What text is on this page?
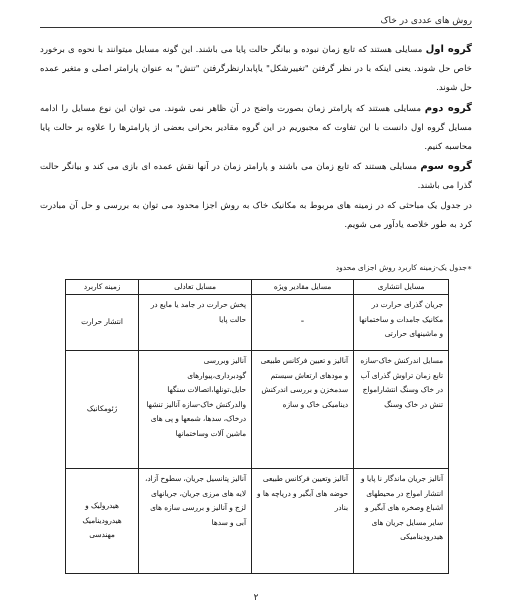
روش های عددی در خاک

گروه اول مسایلی هستند که تابع زمان نبوده و بیانگر حالت پایا می باشند. این گونه مسایل میتوانند با نحوه ی برخورد خاص حل شوند. یعنی اینکه با در نظر گرفتن "تغییرشکل" یاپابدارنظرگرفتن "تنش" به عنوان پارامتر اصلی و متغیر عمده حل شوند.

گروه دوم مسایلی هستند که پارامتر زمان بصورت واضح در آن ظاهر نمی شوند. می توان این نوع مسایل را ادامه مسایل گروه اول دانست با این تفاوت که مجبوریم در این گروه مقادیر بحرانی بعضی از پارامترها را علاوه بر حالت پایا محاسبه کنیم.

گروه سوم مسایلی هستند که تابع زمان می باشند و پارامتر زمان در آنها نقش عمده ای بازی می کند و بیانگر حالت گذرا می باشند.

در جدول یک مباحثی که در زمینه های مربوط به مکانیک خاک به روش اجزا محدود می توان به بررسی و حل آن مبادرت کرد به طور خلاصه یادآور می شویم.

∗جدول یک-زمینه کاربرد روش اجزای محدود
مسایل انتشاری	مسایل مقادیر ویژه	مسایل تعادلی	زمینه کاربرد
جریان گذرای حرارت در مکانیک جامدات و ساختمانها و ماشینهای حرارتی	-	پخش حرارت در جامد یا مایع در حالت پایا	انتشار حرارت
مسایل اندرکنش خاک-سازه تابع زمان تراوش گذرای آب در خاک وسنگ انتشارامواج تنش در خاک وسنگ	آنالیز و تعیین فرکانس طبیعی و مودهای ارتعاش سیستم سدمخزن و بررسی اندرکنش دینامیکی خاک و سازه	آنالیز وبررسی گودبرداری،پیوارهای حایل،تونلها،اتصالات سنگها والدرکنش خاک-سازه آنالیز تنشها درخاک، سدها، شمعها و پی های ماشین آلات وساختمانها	ژئومکانیک
آنالیز جریان ماندگار نا پایا و انتشار امواج در محیطهای اشباع وصخره های آبگیر و سایر مسایل جریان های هیدرودینامیکی	آنالیز وتعیین فرکانس طبیعی حوضه های آبگیر و دریاچه ها و بنادر	آنالیز پتانسیل جریان، سطوح آزاد، لایه های مرزی جریان، جریانهای لزج و آنالیز و بررسی سازه های آبی و سدها	هیدرولیک و هیدرودینامیک مهندسی
۲
